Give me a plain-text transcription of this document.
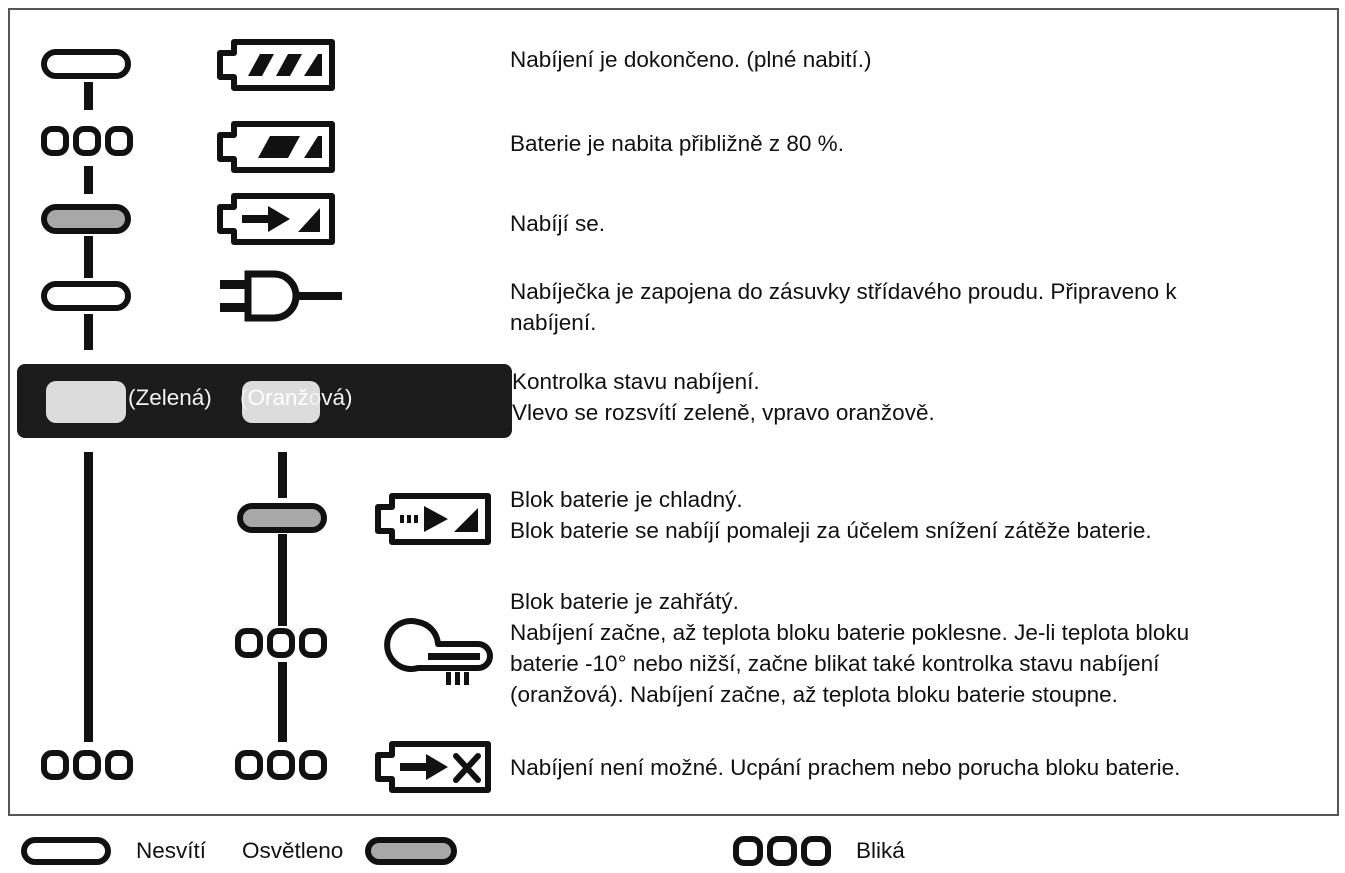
Nabíjení je dokončeno. (plné nabití.)
Baterie je nabita přibližně z 80 %.
Nabíjí se.
Nabíječka je zapojena do zásuvky střídavého proudu. Připraveno k
nabíjení.
Kontrolka stavu nabíjení.
Vlevo se rozsvítí zeleně, vpravo oranžově.
Blok baterie je chladný.
Blok baterie se nabíjí pomaleji za účelem snížení zátěže baterie.
Blok baterie je zahřátý.
Nabíjení začne, až teplota bloku baterie poklesne. Je-li teplota bloku
baterie -10° nebo nižší, začne blikat také kontrolka stavu nabíjení
(oranžová). Nabíjení začne, až teplota bloku baterie stoupne.
Nabíjení není možné. Ucpání prachem nebo porucha bloku baterie.
(Zelená) (Oranžová)
Nesvítí Osvětleno	Bliká
